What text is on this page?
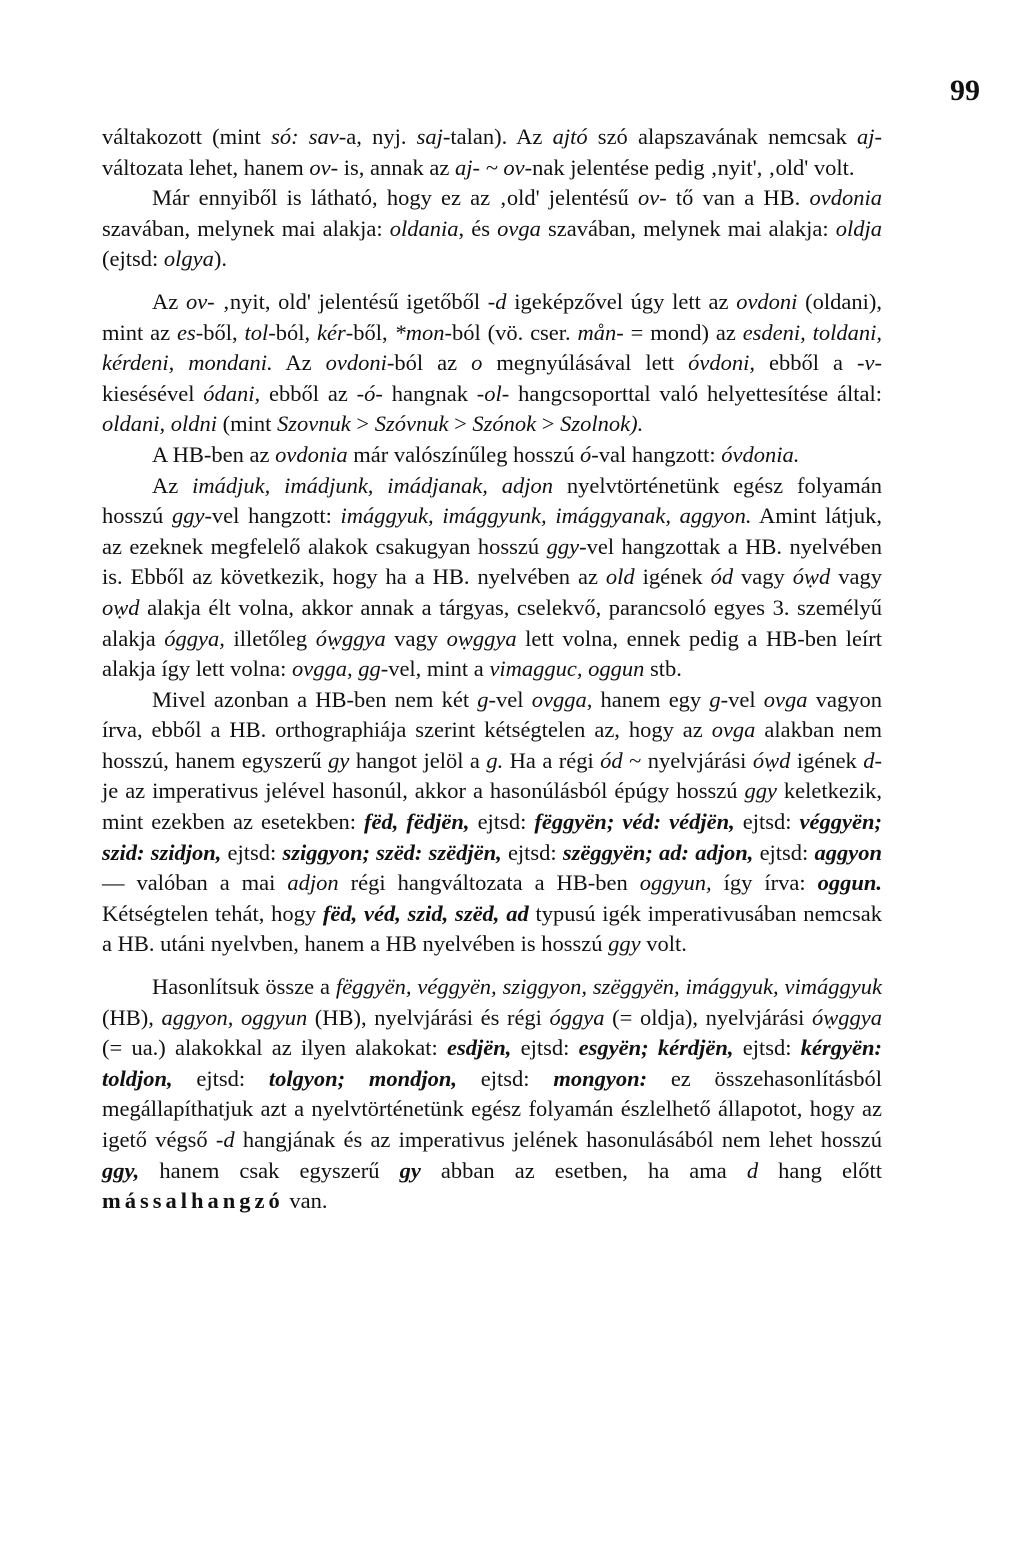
99

váltakozott (mint só: sav-a, nyj. saj-talan). Az ajtó szó alapszavának nemcsak aj- változata lehet, hanem ov- is, annak az aj- ~ ov-nak jelentése pedig ‚nyit', ‚old' volt.

Már ennyiből is látható, hogy ez az ‚old' jelentésű ov- tő van a HB. ovdonia szavában, melynek mai alakja: oldania, és ovga szavában, melynek mai alakja: oldja (ejtsd: olgya).

Az ov- ‚nyit, old' jelentésű igetőből -d igeképzővel úgy lett az ovdoni (oldani), mint az es-ből, tol-ból, kér-ből, *mon-ból (vö. cser. mån- = mond) az esdeni, toldani, kérdeni, mondani. Az ovdoni-ból az o megnyúlásával lett óvdoni, ebből a -v- kiesésével ódani, ebből az -ó- hangnak -ol- hangcsoporttal való helyettesítése által: oldani, oldni (mint Szovnuk > Szóvnuk > Szónok > Szolnok).

A HB-ben az ovdonia már valószínűleg hosszú ó-val hangzott: óvdonia.

Az imádjuk, imádjunk, imádjanak, adjon nyelvtörténetünk egész folyamán hosszú ggy-vel hangzott: imággyuk, imággyunk, imággyanak, aggyon. Amint látjuk, az ezeknek megfelelő alakok csakugyan hosszú ggy-vel hangzottak a HB. nyelvében is. Ebből az következik, hogy ha a HB. nyelvében az old igének ód vagy óẉd vagy oẉd alakja élt volna, akkor annak a tárgyas, cselekvő, parancsoló egyes 3. személyű alakja óggya, illetőleg óẉggya vagy oẉggya lett volna, ennek pedig a HB-ben leírt alakja így lett volna: ovgga, gg-vel, mint a vimagguc, oggun stb.

Mivel azonban a HB-ben nem két g-vel ovgga, hanem egy g-vel ovga vagyon írva, ebből a HB. orthographiája szerint kétségtelen az, hogy az ovga alakban nem hosszú, hanem egyszerű gy hangot jelöl a g. Ha a régi ód ~ nyelvjárási óẉd igének d-je az imperativus jelével hasonúl, akkor a hasonúlásból épúgy hosszú ggy keletkezik, mint ezekben az esetekben: fëd, fëdjën, ejtsd: fëggyën; véd: védjën, ejtsd: véggyën; szid: szidjon, ejtsd: sziggyon; szëd: szëdjën, ejtsd: szëggyën; ad: adjon, ejtsd: aggyon — valóban a mai adjon régi hangváltozata a HB-ben oggyun, így írva: oggun. Kétségtelen tehát, hogy fëd, véd, szid, szëd, ad typusú igék imperativusában nemcsak a HB. utáni nyelvben, hanem a HB nyelvében is hosszú ggy volt.

Hasonlítsuk össze a fëggyën, véggyën, sziggyon, szëggyën, imággyuk, vimággyuk (HB), aggyon, oggyun (HB), nyelvjárási és régi óggya (= oldja), nyelvjárási óẉggya (= ua.) alakokkal az ilyen alakokat: esdjën, ejtsd: esgyën; kérdjën, ejtsd: kérgyën: toldjon, ejtsd: tolgyon; mondjon, ejtsd: mongyon: ez összehasonlításból megállapíthatjuk azt a nyelvtörténetünk egész folyamán észlelhető állapotot, hogy az igető végső -d hangjának és az imperativus jelének hasonulásából nem lehet hosszú ggy, hanem csak egyszerű gy abban az esetben, ha ama d hang előtt mássalhangzó van.
